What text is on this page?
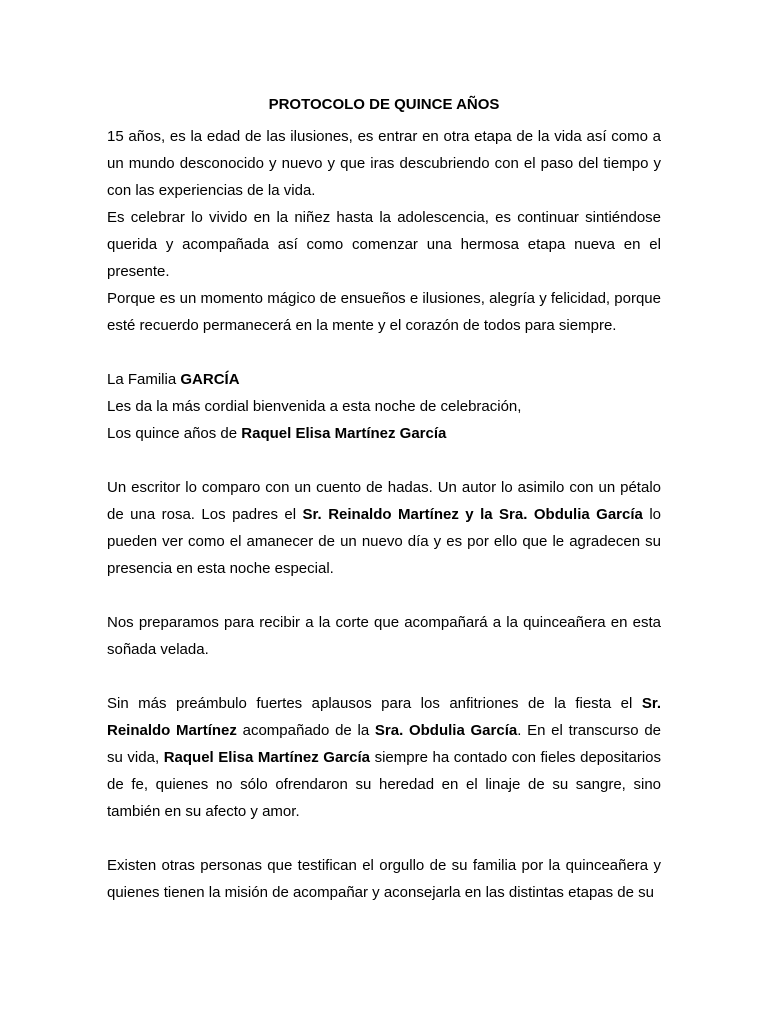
PROTOCOLO DE QUINCE AÑOS

15 años, es la edad de las ilusiones, es entrar en otra etapa de la vida así como a un mundo desconocido y nuevo y que iras descubriendo con el paso del tiempo y con las experiencias de la vida.

Es celebrar lo vivido en la niñez hasta la adolescencia, es continuar sintiéndose querida y acompañada así como comenzar una hermosa etapa nueva en el presente.

Porque es un momento mágico de ensueños e ilusiones, alegría y felicidad, porque esté recuerdo permanecerá en la mente y el corazón de todos para siempre.

La Familia GARCÍA

Les da la más cordial bienvenida a esta noche de celebración,

Los quince años de Raquel Elisa Martínez García

Un escritor lo comparo con un cuento de hadas. Un autor lo asimilo con un pétalo de una rosa. Los padres el Sr. Reinaldo Martínez y la Sra. Obdulia García lo pueden ver como el amanecer de un nuevo día y es por ello que le agradecen su presencia en esta noche especial.

Nos preparamos para recibir a la corte que acompañará a la quinceañera en esta soñada velada.

Sin más preámbulo fuertes aplausos para los anfitriones de la fiesta el Sr. Reinaldo Martínez acompañado de la Sra. Obdulia García. En el transcurso de su vida, Raquel Elisa Martínez García siempre ha contado con fieles depositarios de fe, quienes no sólo ofrendaron su heredad en el linaje de su sangre, sino también en su afecto y amor.

Existen otras personas que testifican el orgullo de su familia por la quinceañera y quienes tienen la misión de acompañar y aconsejarla en las distintas etapas de su
